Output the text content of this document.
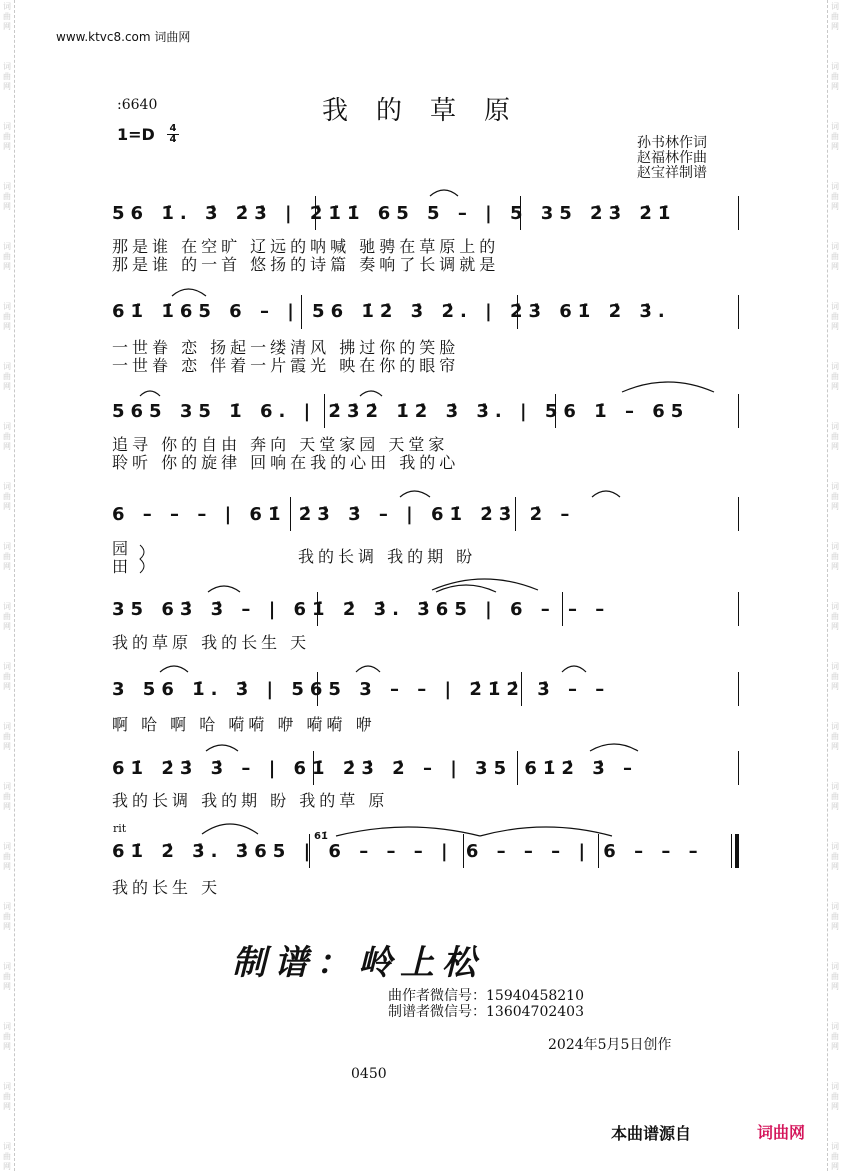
词曲网
词曲网
词曲网
词曲网
词曲网
词曲网
词曲网
词曲网
词曲网
词曲网
词曲网
词曲网
词曲网
词曲网
词曲网
词曲网
词曲网
词曲网
词曲网
词曲网
词曲网
词曲网
词曲网
词曲网
词曲网
词曲网
词曲网
词曲网
词曲网
词曲网
词曲网
词曲网
词曲网
词曲网
词曲网
词曲网
词曲网
词曲网
词曲网
词曲网
www.ktvc8.com 词曲网
:6640	我的草原
1=D 4
4	孙书林作词
赵福林作曲
赵宝祥制谱
56 1̇. 3̇ 2̇3̇ | 2̇1̇1̇ 65 5 – | 5 35 2̇3̇ 2̇1̇
那是谁 在空旷 辽远的呐喊 驰骋在草原上的
那是谁 的一首 悠扬的诗篇 奏响了长调就是
61̇ 1̇65 6 – | 56 1̇2̇ 3̇ 2̇. | 2̇3̇ 61̇ 2̇ 3̇.
一世眷 恋 扬起一缕清风 拂过你的笑脸
一世眷 恋 伴着一片霞光 映在你的眼帘
565 35 1̇ 6. | 2̇3̇2̇ 1̇2̇ 3̇ 3̇. | 56 1̇ – 65
追寻 你的自由 奔向 天堂家园 天堂家
聆听 你的旋律 回响在我的心田 我的心
6 – – – | 61̇ 2̇3̇ 3̇ – | 61̇ 2̇3̇ 2̇ –
园
田
我的长调 我的期 盼
35 63̇ 3̇ – | 61̇ 2̇ 3̇. 3̇65 | 6 – – –
我的草原 我的长生 天
3 56 1̇. 3̇ | 565 3 – – | 2̇1̇2̇ 3̇ – –
啊 哈 啊 哈 嗬嗬 咿 嗬嗬 咿
61̇ 2̇3̇ 3̇ – | 61̇ 2̇3̇ 2̇ – | 35 61̇2̇ 3̇ –
我的长调 我的期 盼 我的草 原
rit
61̇ 2̇ 3̇. 3̇65 | 6 – – – | 6 – – – | 6 – – –
61̇
我的长生 天
制谱：岭上松
曲作者微信号：15940458210
制谱者微信号：13604702403
2024年5月5日创作
0450
本曲谱源自	词曲网
